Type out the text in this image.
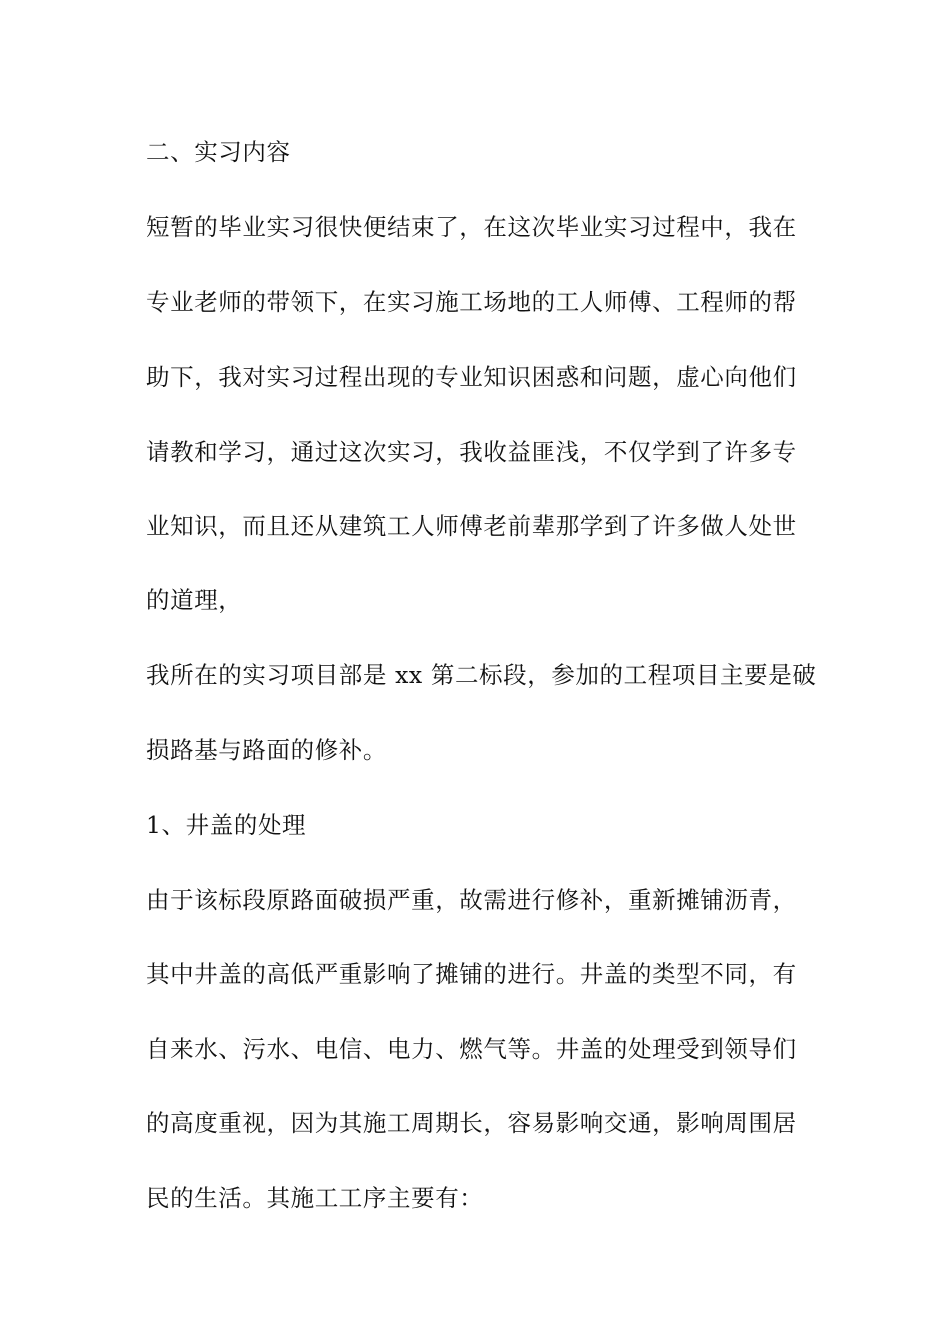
二、实习内容
短暂的毕业实习很快便结束了，在这次毕业实习过程中，我在
专业老师的带领下，在实习施工场地的工人师傅、工程师的帮
助下，我对实习过程出现的专业知识困惑和问题，虚心向他们
请教和学习，通过这次实习，我收益匪浅，不仅学到了许多专
业知识，而且还从建筑工人师傅老前辈那学到了许多做人处世
的道理，
我所在的实习项目部是 xx 第二标段，参加的工程项目主要是破
损路基与路面的修补。
1、井盖的处理
由于该标段原路面破损严重，故需进行修补，重新摊铺沥青，
其中井盖的高低严重影响了摊铺的进行。井盖的类型不同，有
自来水、污水、电信、电力、燃气等。井盖的处理受到领导们
的高度重视，因为其施工周期长，容易影响交通，影响周围居
民的生活。其施工工序主要有：
